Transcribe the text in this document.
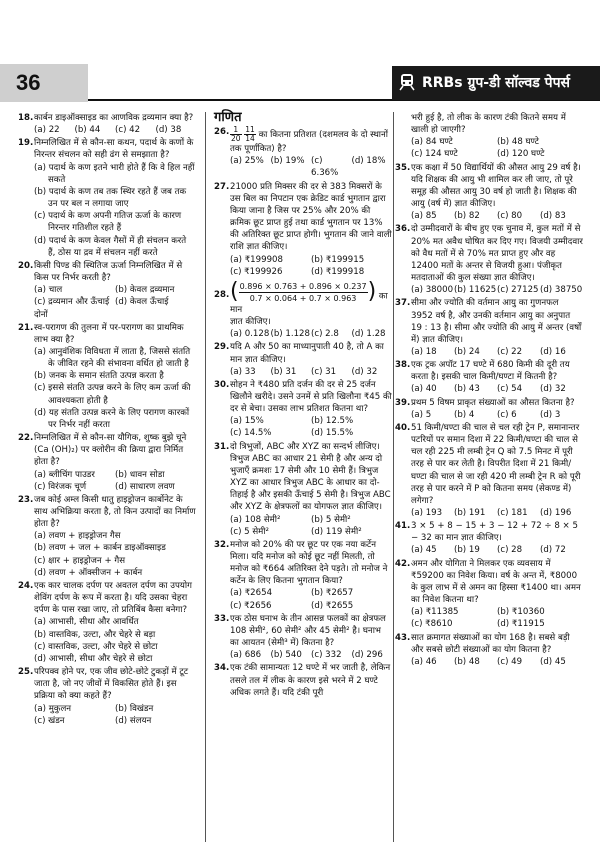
36	RRBs ग्रुप-डी सॉल्वड पेपर्स
18. कार्बन डाइऑक्साइड का आणविक द्रव्यमान क्या है?
(a) 22	(b) 44	(c) 42	(d) 38
19. निम्नलिखित में से कौन-सा कथन, पदार्थ के कणों के निरन्तर संचलन को सही ढंग से समझाता है?
(a) पदार्थ के कण इतने भारी होते हैं कि वे हिल नहीं सकते
(b) पदार्थ के कण तब तक स्थिर रहते हैं जब तक उन पर बल न लगाया जाए
(c) पदार्थ के कण अपनी गतिज ऊर्जा के कारण निरन्तर गतिशील रहते हैं
(d) पदार्थ के कण केवल गैसों में ही संचलन करते हैं, ठोस या द्रव में संचलन नहीं करते
20. किसी पिण्ड की स्थितिज ऊर्जा निम्नलिखित में से किस पर निर्भर करती है?
(a) चाल	(b) केवल द्रव्यमान
(c) द्रव्यमान और ऊँचाई दोनों
(d) केवल ऊँचाई
21. स्व-परागण की तुलना में पर-परागण का प्राथमिक लाभ क्या है?
(a) आनुवंशिक विविधता में लाता है, जिससे संतति के जीवित रहने की संभावना वर्धित हो जाती है
(b) जनक के समान संतति उत्पन्न करता है
(c) इससे संतति उत्पन्न करने के लिए कम ऊर्जा की आवश्यकता होती है
(d) यह संतति उत्पन्न करने के लिए परागण कारकों पर निर्भर नहीं करता
22. निम्नलिखित में से कौन-सा यौगिक, शुष्क बुझे चूने (Ca (OH)₂) पर क्लोरीन की क्रिया द्वारा निर्मित होता है?
(a) ब्लीचिंग पाउडर	(b) धावन सोडा
(c) विरंजक चूर्ण	(d) साधारण लवण
23. जब कोई अम्ल किसी धातु हाइड्रोजन कार्बोनेट के साथ अभिक्रिया करता है, तो किन उत्पादों का निर्माण होता है?
(a) लवण + हाइड्रोजन गैस
(b) लवण + जल + कार्बन डाइऑक्साइड
(c) क्षार + हाइड्रोजन + गैस
(d) लवण + ऑक्सीजन + कार्बन
24. एक कार चालक दर्पण पर अवतल दर्पण का उपयोग शेविंग दर्पण के रूप में करता है। यदि उसका चेहरा दर्पण के पास रखा जाए, तो प्रतिबिंब कैसा बनेगा?
(a) आभासी, सीधा और आवर्धित
(b) वास्तविक, उल्टा, और चेहरे से बड़ा
(c) वास्तविक, उल्टा, और चेहरे से छोटा
(d) आभासी, सीधा और चेहरे से छोटा
25. परिपक्व होने पर, एक जीव छोटे-छोटे टुकड़ों में टूट जाता है, जो नए जीवों में विकसित होते हैं। इस प्रक्रिया को क्या कहते हैं?
(a) मुकुलन	(b) विखंडन
(c) खंडन	(d) संलयन
गणित
26. $\frac{1}{20}$
$\frac{11}{14}$ का कितना प्रतिशत (दशमलव के दो स्थानों तक पूर्णांकित) है?
(a) 25% (b) 19% (c) 6.36%
(d) 18%
27. 21000 प्रति मिक्सर की दर से 383 मिक्सरों के उस बिल का निपटान एक क्रेडिट कार्ड भुगतान द्वारा किया जाना है जिस पर 25% और 20% की क्रमिक छूट प्राप्त हुई तथा कार्ड भुगतान पर 13% की अतिरिक्त छूट प्राप्त होगी। भुगतान की जाने वाली राशि ज्ञात कीजिए।
(a) ₹199908	(b) ₹199915
(c) ₹199926	(d) ₹199918
28. ( $\frac{0.896 \times 0.763 + 0.896 \times 0.237}{0.7 \times 0.064 + 0.7 \times 0.963}$ ) का मान
ज्ञात कीजिए।
(a) 0.128 (b) 1.128 (c) 2.8	(d) 1.28
29. यदि A और 50 का माध्यानुपाती 40 है, तो A का मान ज्ञात कीजिए।
(a) 33	(b) 31	(c) 31	(d) 32
30. सोहन ने ₹480 प्रति दर्जन की दर से 25 दर्जन खिलौने खरीदे। उसने उनमें से प्रति खिलौना ₹45 की दर से बेचा। उसका लाभ प्रतिशत कितना था?
(a) 15%	(b) 12.5%
(c) 14.5%	(d) 15.5%
31. दो त्रिभुजों, ABC और XYZ का सन्दर्भ लीजिए। त्रिभुज ABC का आधार 21 सेमी है और अन्य दो भुजाएँ क्रमशः 17 सेमी और 10 सेमी हैं। त्रिभुज XYZ का आधार त्रिभुज ABC के आधार का दो-तिहाई है और इसकी ऊँचाई 5 सेमी है। त्रिभुज ABC और XYZ के क्षेत्रफलों का योगफल ज्ञात कीजिए।
(a) 108 सेमी²	(b) 5 सेमी²
(c) 5 सेमी²	(d) 119 सेमी²
32. मनोज को 20% की पर छूट पर एक नया कर्टेन मिला। यदि मनोज को कोई छूट नहीं मिलती, तो मनोज को ₹664 अतिरिक्त देने पड़ते। तो मनोज ने कर्टेन के लिए कितना भुगतान किया?
(a) ₹2654	(b) ₹2657
(c) ₹2656	(d) ₹2655
33. एक ठोस घनाभ के तीन आसन्न फलकों का क्षेत्रफल 108 सेमी², 60 सेमी² और 45 सेमी² है। घनाभ का आयतन (सेमी³ में) कितना है?
(a) 686	(b) 540	(c) 332	(d) 296
34. एक टंकी सामान्यतः 12 घण्टे में भर जाती है, लेकिन तसले तल में लीक के कारण इसे भरने में 2 घण्टे अधिक लगते हैं। यदि टंकी पूरी
भरी हुई है, तो लीक के कारण टंकी कितने समय में खाली हो जाएगी?
(a) 84 घण्टे	(b) 48 घण्टे
(c) 124 घण्टे	(d) 120 घण्टे
35. एक कक्षा में 50 विद्यार्थियों की औसत आयु 29 वर्ष है। यदि शिक्षक की आयु भी शामिल कर ली जाए, तो पूरे समूह की औसत आयु 30 वर्ष हो जाती है। शिक्षक की आयु (वर्ष में) ज्ञात कीजिए।
(a) 85	(b) 82	(c) 80	(d) 83
36. दो उम्मीदवारों के बीच हुए एक चुनाव में, कुल मतों में से 20% मत अवैध घोषित कर दिए गए। विजयी उम्मीदवार को वैध मतों में से 70% मत प्राप्त हुए और वह 12400 मतों के अन्तर से विजयी हुआ। पंजीकृत मतदाताओं की कुल संख्या ज्ञात कीजिए।
(a) 38000 (b) 11625 (c) 27125 (d) 38750
37. सीमा और ज्योति की वर्तमान आयु का गुणनफल 3952 वर्ष है, और उनकी वर्तमान आयु का अनुपात 19 : 13 है। सीमा और ज्योति की आयु में अन्तर (वर्षों में) ज्ञात कीजिए।
(a) 18	(b) 24	(c) 22	(d) 16
38. एक ट्रक अपॉट 17 घण्टे में 680 किमी की दूरी तय करता है। इसकी चाल किमी/घण्टा में कितनी है?
(a) 40	(b) 43	(c) 54	(d) 32
39. प्रथम 5 विषम प्राकृत संख्याओं का औसत कितना है?
(a) 5	(b) 4	(c) 6	(d) 3
40. 51 किमी/घण्टा की चाल से चल रही ट्रेन P, समानान्तर पटरियों पर समान दिशा में 22 किमी/घण्टा की चाल से चल रही 225 मी लम्बी ट्रेन Q को 7.5 मिनट में पूरी तरह से पार कर लेती है। विपरीत दिशा में 21 किमी/घण्टा की चाल से जा रही 420 मी लम्बी ट्रेन R को पूरी तरह से पार करने में P को कितना समय (सेकण्ड में) लगेगा?
(a) 193	(b) 191	(c) 181	(d) 196
41. 3 × 5 + 8 − 15 + 3 − 12 + 72 ÷ 8 × 5 − 32 का मान ज्ञात कीजिए।
(a) 45	(b) 19	(c) 28	(d) 72
42. अमन और योगिता ने मिलकर एक व्यवसाय में ₹59200 का निवेश किया। वर्ष के अन्त में, ₹8000 के कुल लाभ में से अमन का हिस्सा ₹1400 था। अमन का निवेश कितना था?
(a) ₹11385	(b) ₹10360
(c) ₹8610	(d) ₹11915
43. सात क्रमागत संख्याओं का योग 168 है। सबसे बड़ी और सबसे छोटी संख्याओं का योग कितना है?
(a) 46	(b) 48	(c) 49	(d) 45
